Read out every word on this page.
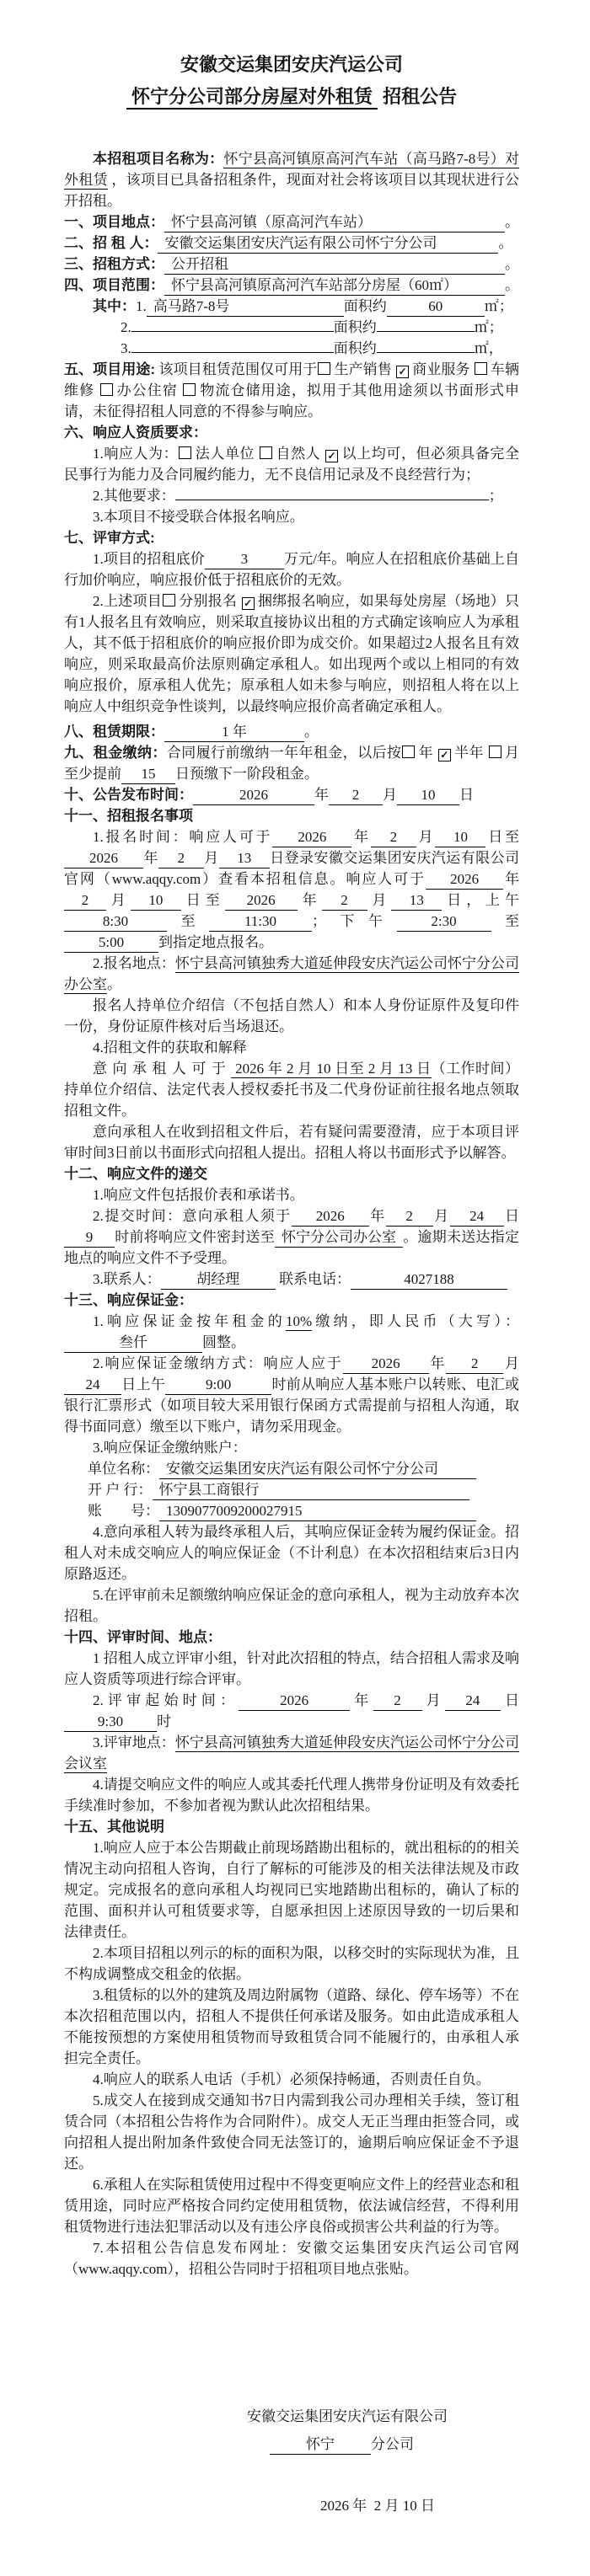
安徽交运集团安庆汽运公司

怀宁分公司部分房屋对外租赁  招租公告

本招租项目名称为：怀宁县高河镇原高河汽车站（高马路7-8号）对外租赁 ，该项目已具备招租条件，现面对社会将该项目以其现状进行公开招租。

一、项目地点： 怀宁县高河镇（原高河汽车站）	。

二、招 租 人： 安徽交运集团安庆汽运有限公司怀宁分公司	。

三、招租方式：公开招租	。

四、项目范围： 怀宁县高河镇原高河汽车站部分房屋（60㎡）	。

其中：1.高马路7-8号	面积约	60	㎡；

2.	面积约	㎡；

3.	面积约	㎡，

五、项目用途: 该项目租赁范围仅可用于 生产销售 ✓ 商业服务 车辆维修 办公住宿 物流仓储用途，拟用于其他用途须以书面形式申请，未征得招租人同意的不得参与响应。

六、响应人资质要求：

1.响应人为： 法人单位 自然人 ✓ 以上均可，但必须具备完全民事行为能力及合同履约能力，无不良信用记录及不良经营行为；

2.其他要求：	；

3.本项目不接受联合体报名响应。

七、评审方式:

1.项目的招租底价	3	万元/年。响应人在招租底价基础上自行加价响应，响应报价低于招租底价的无效。

2.上述项目 分别报名 ✓ 捆绑报名响应，如果每处房屋（场地）只有1人报名且有效响应，则采取直接协议出租的方式确定该响应人为承租人，其不低于招租底价的响应报价即为成交价。如果超过2人报名且有效响应，则采取最高价法原则确定承租人。如出现两个或以上相同的有效响应报价，原承租人优先；原承租人如未参与响应，则招租人将在以上响应人中组织竞争性谈判，以最终响应报价高者确定承租人。

八、租赁期限：	1 年	。

九、租金缴纳：合同履行前缴纳一年年租金，以后按 年 ✓ 半年 月至少提前 15 日预缴下一阶段租金。

十、公告发布时间：	2026	年 2 月 10 日

十一、招租报名事项

1.报名时间：响应人可于 2026 年 2 月 10 日至2026 年 2 月 13 日登录安徽交运集团安庆汽运有限公司官网（www.aqqy.com）查看本招租信息。响应人可于 2026 年2 月 10 日至 2026 年 2 月 13 日，上午8:30	至 11:30 ；下午 2:30 至5:00 到指定地点报名。

2.报名地点：怀宁县高河镇独秀大道延伸段安庆汽运公司怀宁分公司办公室。

报名人持单位介绍信（不包括自然人）和本人身份证原件及复印件一份，身份证原件核对后当场退还。

4.招租文件的获取和解释

意向承租人可于 2026 年 2 月 10 日至 2 月 13 日（工作时间）持单位介绍信、法定代表人授权委托书及二代身份证前往报名地点领取招租文件。

意向承租人在收到招租文件后，若有疑问需要澄清，应于本项目评审时间3日前以书面形式向招租人提出。招租人将以书面形式予以解答。

十二、响应文件的递交

1.响应文件包括报价表和承诺书。

2.提交时间：意向承租人须于 2026 年 2 月 24 日9 时前将响应文件密封送至 怀宁分公司办公室 。逾期未送达指定地点的响应文件不予受理。

3.联系人：	胡经理	联系电话：	4027188

十三、响应保证金：

1.响应保证金按年租金的10%缴纳，即人民币（大写）：叁仟	圆整。

2.响应保证金缴纳方式：响应人应于 2026 年 2 月24 日上午	9:00	时前从响应人基本账户以转账、电汇或银行汇票形式（如项目较大采用银行保函方式需提前与招租人沟通，取得书面同意）缴至以下账户，请勿采用现金。

3.响应保证金缴纳账户：

单位名称： 安徽交运集团安庆汽运有限公司怀宁分公司

开 户 行： 怀宁县工商银行

账　　号： 1309077009200027915

4.意向承租人转为最终承租人后，其响应保证金转为履约保证金。招租人对未成交响应人的响应保证金（不计利息）在本次招租结束后3日内原路返还。

5.在评审前未足额缴纳响应保证金的意向承租人，视为主动放弃本次招租。

十四、评审时间、地点：

1 招租人成立评审小组，针对此次招租的特点，结合招租人需求及响应人资质等项进行综合评审。

2.评审起始时间：	2026	年 2 月 24 日9:30 时

3.评审地点：怀宁县高河镇独秀大道延伸段安庆汽运公司怀宁分公司会议室

4.请提交响应文件的响应人或其委托代理人携带身份证明及有效委托手续准时参加，不参加者视为默认此次招租结果。

十五、其他说明

1.响应人应于本公告期截止前现场踏勘出租标的，就出租标的的相关情况主动向招租人咨询，自行了解标的可能涉及的相关法律法规及市政规定。完成报名的意向承租人均视同已实地踏勘出租标的，确认了标的范围、面积并认可租赁要求等，自愿承担因上述原因导致的一切后果和法律责任。

2.本项目招租以列示的标的面积为限，以移交时的实际现状为准，且不构成调整成交租金的依据。

3.租赁标的以外的建筑及周边附属物（道路、绿化、停车场等）不在本次招租范围以内，招租人不提供任何承诺及服务。如由此造成承租人不能按预想的方案使用租赁物而导致租赁合同不能履行的，由承租人承担完全责任。

4.响应人的联系人电话（手机）必须保持畅通，否则责任自负。

5.成交人在接到成交通知书7日内需到我公司办理相关手续，签订租赁合同（本招租公告将作为合同附件）。成交人无正当理由拒签合同，或向招租人提出附加条件致使合同无法签订的，逾期后响应保证金不予退还。

6.承租人在实际租赁使用过程中不得变更响应文件上的经营业态和租赁用途，同时应严格按合同约定使用租赁物，依法诚信经营，不得利用租赁物进行违法犯罪活动以及有违公序良俗或损害公共利益的行为等。

7.本招租公告信息发布网址：安徽交运集团安庆汽运公司官网（www.aqqy.com），招租公告同时于招租项目地点张贴。

安徽交运集团安庆汽运有限公司

怀宁	分公司

2026 年  2 月 10 日
